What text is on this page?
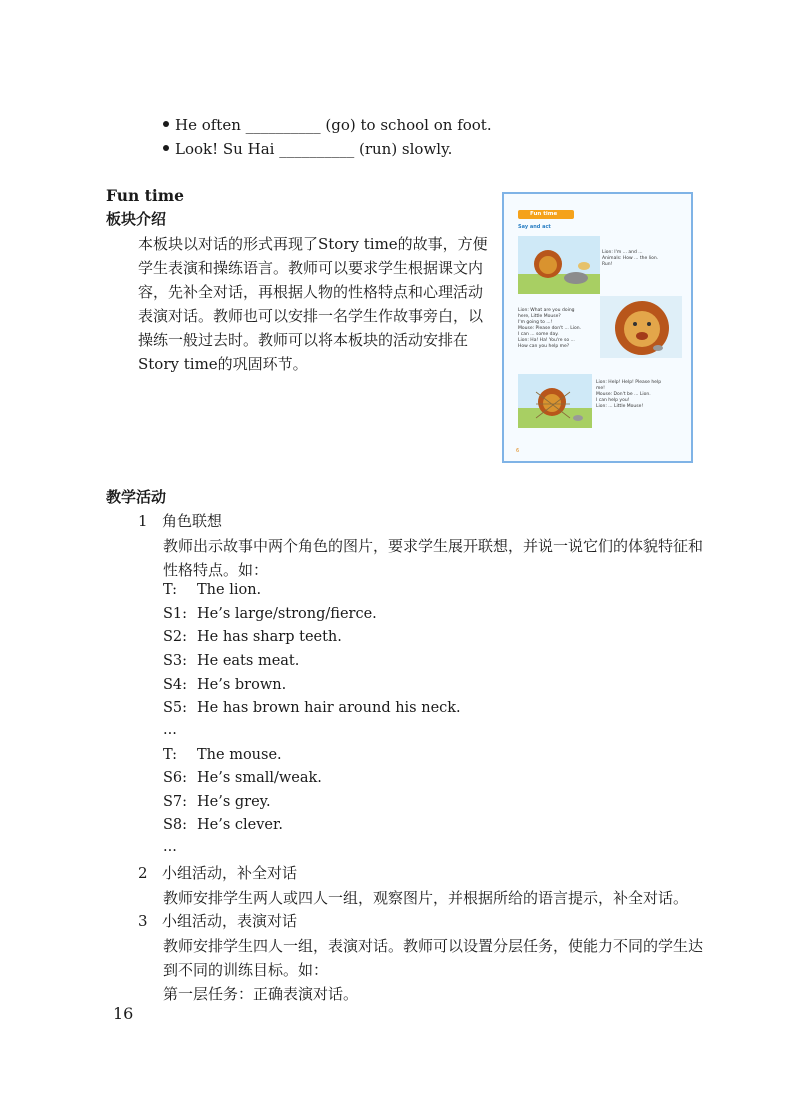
He often __________ (go) to school on foot.
Look! Su Hai __________ (run) slowly.
Fun time
板块介绍
本板块以对话的形式再现了Story time的故事，方便
学生表演和操练语言。教师可以要求学生根据课文内
容，先补全对话，再根据人物的性格特点和心理活动
表演对话。教师也可以安排一名学生作故事旁白，以
操练一般过去时。教师可以将本板块的活动安排在
Story time的巩固环节。
Fun time
Say and act
Lion: I'm ... and ...
Animals: How ... the lion.
Run!
Lion: What are you doing
here, Little Mouse?
I'm going to ...!
Mouse: Please don't ... Lion.
I can ... some day.
Lion: Ha! Ha! You're so ...
How can you help me?
Lion: Help! Help! Please help
me!
Mouse: Don't be ... Lion.
I can help you!
Lion: ... Little Mouse!
6
教学活动
1 角色联想
教师出示故事中两个角色的图片，要求学生展开联想，并说一说它们的体貌特征和
性格特点。如：
T: The lion.
S1: He’s large/strong/fierce.
S2: He has sharp teeth.
S3: He eats meat.
S4: He’s brown.
S5: He has brown hair around his neck.
...
T: The mouse.
S6: He’s small/weak.
S7: He’s grey.
S8: He’s clever.
...
2 小组活动，补全对话
教师安排学生两人或四人一组，观察图片，并根据所给的语言提示，补全对话。
3 小组活动，表演对话
教师安排学生四人一组，表演对话。教师可以设置分层任务，使能力不同的学生达
到不同的训练目标。如：
第一层任务：正确表演对话。
16
